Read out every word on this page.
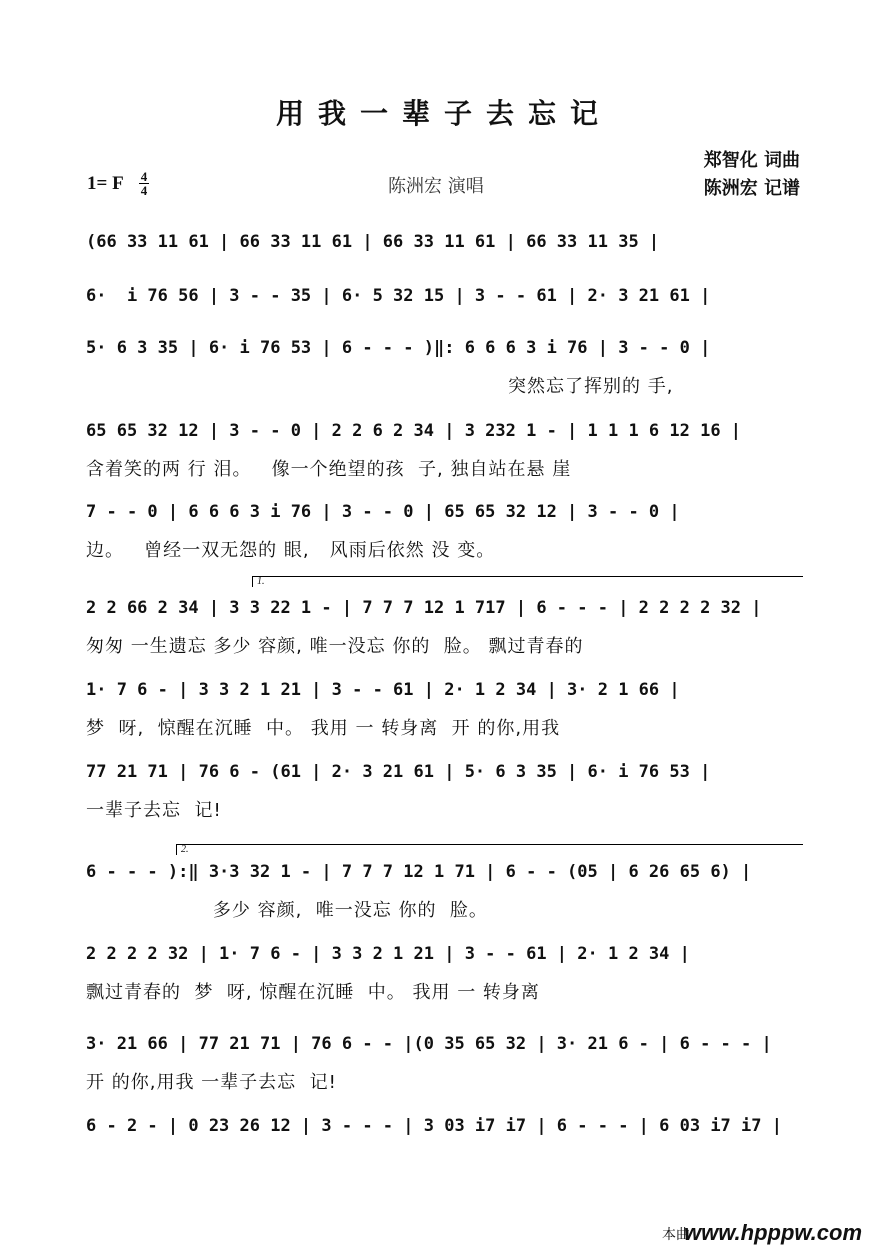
用我一辈子去忘记
1= F 4
4	陈洲宏 演唱
郑智化 词曲
陈洲宏 记谱
(66 33 11 61 | 66 33 11 61 | 66 33 11 61 | 66 33 11 35 |
6·  i 76 56 | 3 - - 35 | 6· 5 32 15 | 3 - - 61 | 2· 3 21 61 |
5· 6 3 35 | 6· i 76 53 | 6 - - - )‖: 6 6 6 3 i 76 | 3 - - 0 |
突然忘了挥别的 手,
65 65 32 12 | 3 - - 0 | 2 2 6 2 34 | 3 232 1 - | 1 1 1 6 12 16 |
含着笑的两 行 泪。   像一个绝望的孩  子, 独自站在悬 崖
7 - - 0 | 6 6 6 3 i 76 | 3 - - 0 | 65 65 32 12 | 3 - - 0 |
边。   曾经一双无怨的 眼,   风雨后依然 没 变。
2 2 66 2 34 | 3 3 22 1 - | 7 7 7 12 1 717 | 6 - - - | 2 2 2 2 32 |
匆匆 一生遗忘 多少 容颜, 唯一没忘 你的  脸。 飘过青春的
1· 7 6 - | 3 3 2 1 21 | 3 - - 61 | 2· 1 2 34 | 3· 2 1 66 |
梦  呀,  惊醒在沉睡  中。 我用 一 转身离  开 的你,用我
77 21 71 | 76 6 - (61 | 2· 3 21 61 | 5· 6 3 35 | 6· i 76 53 |
一辈子去忘  记!
6 - - - ):‖ 3·3 32 1 - | 7 7 7 12 1 71 | 6 - - (05 | 6 26 65 6) |
多少 容颜,  唯一没忘 你的  脸。
2 2 2 2 32 | 1· 7 6 - | 3 3 2 1 21 | 3 - - 61 | 2· 1 2 34 |
飘过青春的  梦  呀, 惊醒在沉睡  中。 我用 一 转身离
3· 21 66 | 77 21 71 | 76 6 - - |(0 35 65 32 | 3· 21 6 - | 6 - - - |
开 的你,用我 一辈子去忘  记!
6 - 2 - | 0 23 26 12 | 3 - - - | 3 03 i7 i7 | 6 - - - | 6 03 i7 i7 |
1.
2.
本曲
www.hpppw.com
